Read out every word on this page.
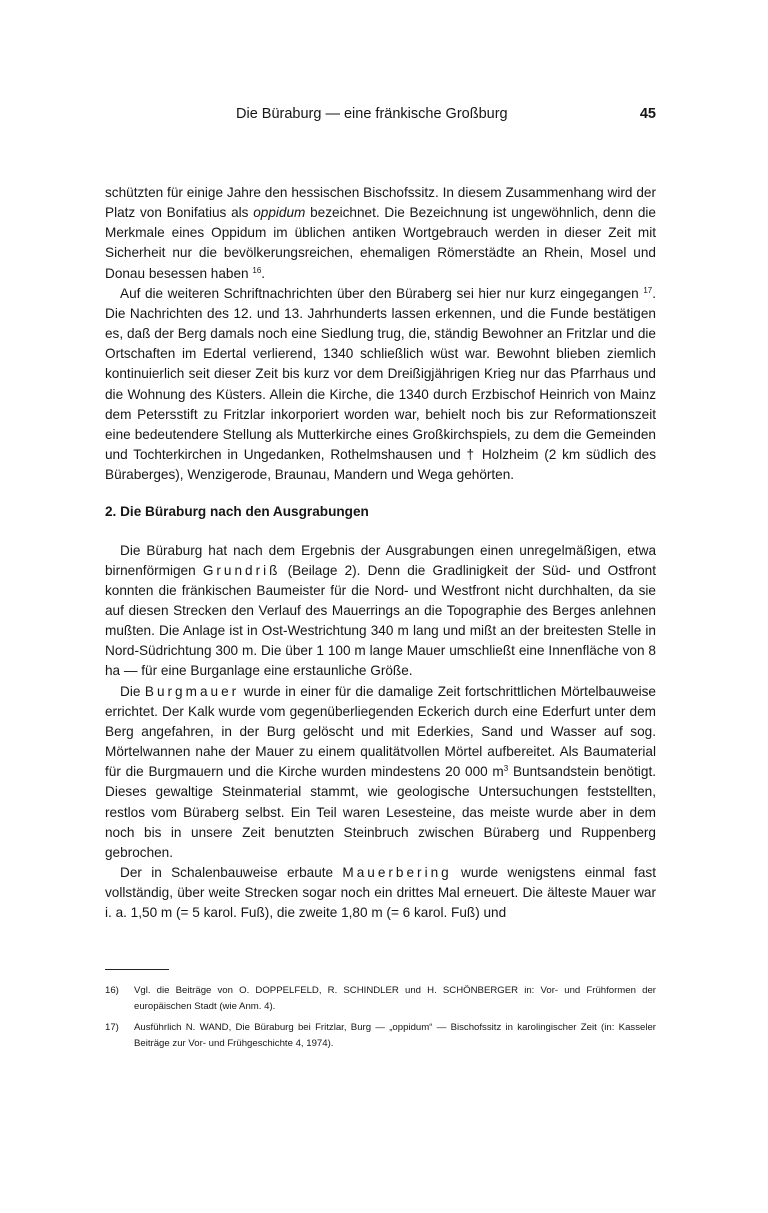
Die Büraburg — eine fränkische Großburg	45

schützten für einige Jahre den hessischen Bischofssitz. In diesem Zusammenhang wird der Platz von Bonifatius als oppidum bezeichnet. Die Bezeichnung ist ungewöhnlich, denn die Merkmale eines Oppidum im üblichen antiken Wortgebrauch werden in dieser Zeit mit Sicherheit nur die bevölkerungsreichen, ehemaligen Römerstädte an Rhein, Mosel und Donau besessen haben $^{16}$.

Auf die weiteren Schriftnachrichten über den Büraberg sei hier nur kurz eingegangen $^{17}$. Die Nachrichten des 12. und 13. Jahrhunderts lassen erkennen, und die Funde bestätigen es, daß der Berg damals noch eine Siedlung trug, die, ständig Bewohner an Fritzlar und die Ortschaften im Edertal verlierend, 1340 schließlich wüst war. Bewohnt blieben ziemlich kontinuierlich seit dieser Zeit bis kurz vor dem Dreißigjährigen Krieg nur das Pfarrhaus und die Wohnung des Küsters. Allein die Kirche, die 1340 durch Erzbischof Heinrich von Mainz dem Petersstift zu Fritzlar inkorporiert worden war, behielt noch bis zur Reformationszeit eine bedeutendere Stellung als Mutterkirche eines Großkirchspiels, zu dem die Gemeinden und Tochterkirchen in Ungedanken, Rothelmshausen und † Holzheim (2 km südlich des Büraberges), Wenzigerode, Braunau, Mandern und Wega gehörten.

2. Die Büraburg nach den Ausgrabungen

Die Büraburg hat nach dem Ergebnis der Ausgrabungen einen unregelmäßigen, etwa birnenförmigen Grundriß (Beilage 2). Denn die Gradlinigkeit der Süd- und Ostfront konnten die fränkischen Baumeister für die Nord- und Westfront nicht durchhalten, da sie auf diesen Strecken den Verlauf des Mauerrings an die Topographie des Berges anlehnen mußten. Die Anlage ist in Ost-Westrichtung 340 m lang und mißt an der breitesten Stelle in Nord-Südrichtung 300 m. Die über 1 100 m lange Mauer umschließt eine Innenfläche von 8 ha — für eine Burganlage eine erstaunliche Größe.

Die Burgmauer wurde in einer für die damalige Zeit fortschrittlichen Mörtelbauweise errichtet. Der Kalk wurde vom gegenüberliegenden Eckerich durch eine Ederfurt unter dem Berg angefahren, in der Burg gelöscht und mit Ederkies, Sand und Wasser auf sog. Mörtelwannen nahe der Mauer zu einem qualitätvollen Mörtel aufbereitet. Als Baumaterial für die Burgmauern und die Kirche wurden mindestens 20 000 $m^3$ Buntsandstein benötigt. Dieses gewaltige Steinmaterial stammt, wie geologische Untersuchungen feststellten, restlos vom Büraberg selbst. Ein Teil waren Lesesteine, das meiste wurde aber in dem noch bis in unsere Zeit benutzten Steinbruch zwischen Büraberg und Ruppenberg gebrochen.

Der in Schalenbauweise erbaute Mauerbering wurde wenigstens einmal fast vollständig, über weite Strecken sogar noch ein drittes Mal erneuert. Die älteste Mauer war i. a. 1,50 m (= 5 karol. Fuß), die zweite 1,80 m (= 6 karol. Fuß) und

16)	Vgl. die Beiträge von O. DOPPELFELD, R. SCHINDLER und H. SCHÖNBERGER in: Vor- und Frühformen der europäischen Stadt (wie Anm. 4).
17)	Ausführlich N. WAND, Die Büraburg bei Fritzlar, Burg — „oppidum“ — Bischofssitz in karolingischer Zeit (in: Kasseler Beiträge zur Vor- und Frühgeschichte 4, 1974).
